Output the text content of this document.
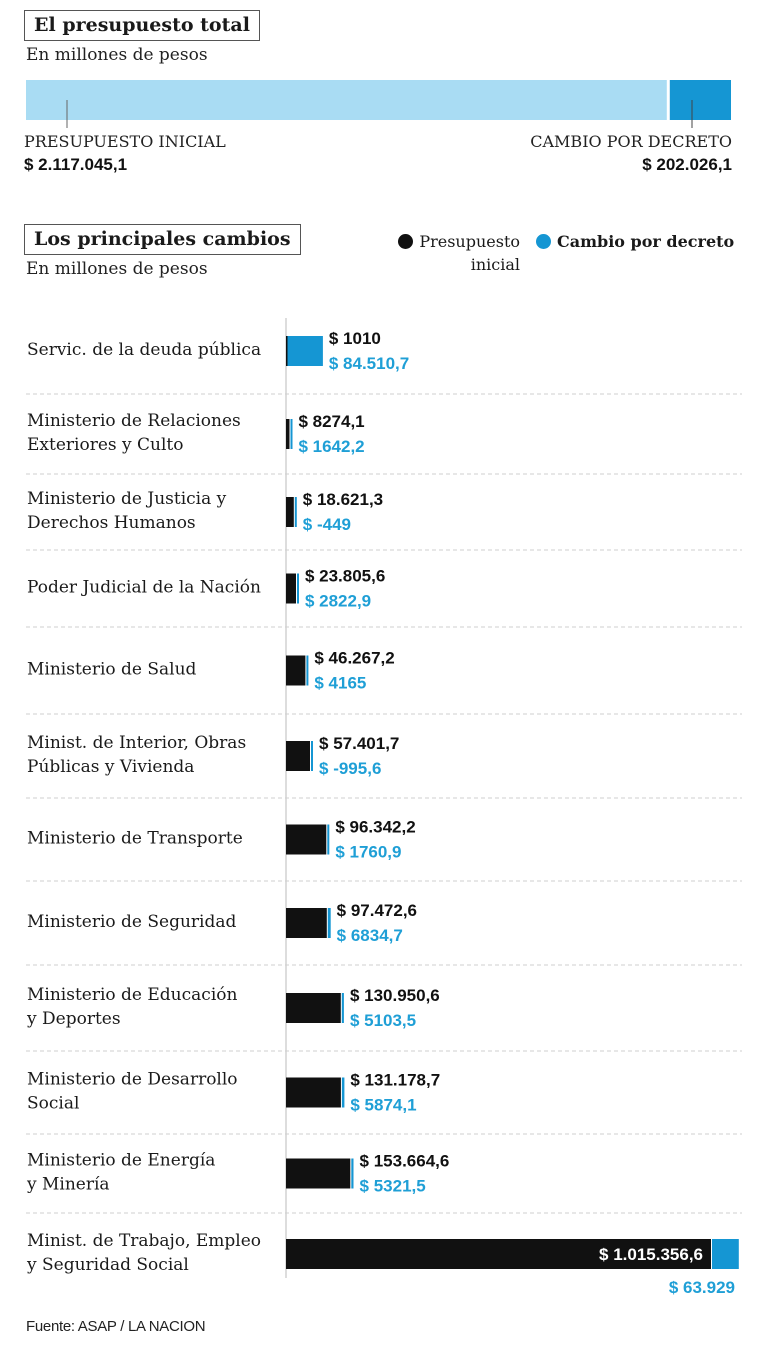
El presupuesto total
En millones de pesos
PRESUPUESTO INICIAL
$ 2.117.045,1
CAMBIO POR DECRETO
$ 202.026,1
Los principales cambios
En millones de pesos
Presupuesto
inicial
Cambio por decreto
Servic. de la deuda pública
$ 1010
$ 84.510,7
Ministerio de Relaciones
Exteriores y Culto
$ 8274,1
$ 1642,2
Ministerio de Justicia y
Derechos Humanos
$ 18.621,3
$ -449
Poder Judicial de la Nación
$ 23.805,6
$ 2822,9
Ministerio de Salud
$ 46.267,2
$ 4165
Minist. de Interior, Obras
Públicas y Vivienda
$ 57.401,7
$ -995,6
Ministerio de Transporte
$ 96.342,2
$ 1760,9
Ministerio de Seguridad
$ 97.472,6
$ 6834,7
Ministerio de Educación
y Deportes
$ 130.950,6
$ 5103,5
Ministerio de Desarrollo
Social
$ 131.178,7
$ 5874,1
Ministerio de Energía
y Minería
$ 153.664,6
$ 5321,5
Minist. de Trabajo, Empleo
y Seguridad Social
$ 1.015.356,6
$ 63.929
Fuente: ASAP / LA NACION
